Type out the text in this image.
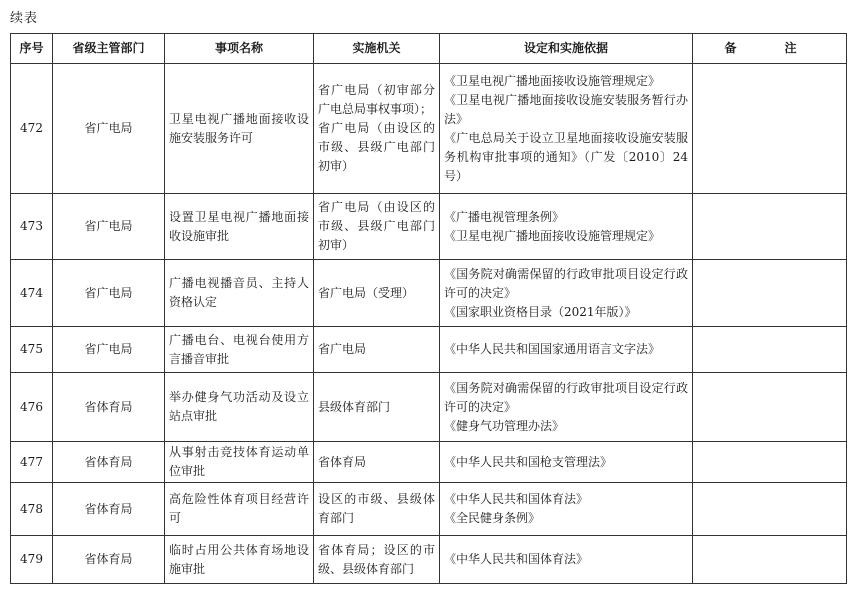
续表
序号	省级主管部门	事项名称	实施机关	设定和实施依据	备　注
472	省广电局	卫星电视广播地面接收设施安装服务许可	省广电局（初审部分广电总局事权事项）；
省广电局（由设区的市级、县级广电部门初审）	《卫星电视广播地面接收设施管理规定》
《卫星电视广播地面接收设施安装服务暂行办法》
《广电总局关于设立卫星地面接收设施安装服务机构审批事项的通知》（广发〔2010〕24号）	

473	省广电局	设置卫星电视广播地面接收设施审批	省广电局（由设区的市级、县级广电部门初审）	《广播电视管理条例》
《卫星电视广播地面接收设施管理规定》	

474	省广电局	广播电视播音员、主持人资格认定	省广电局（受理）	《国务院对确需保留的行政审批项目设定行政许可的决定》
《国家职业资格目录（2021年版）》	

475	省广电局	广播电台、电视台使用方言播音审批	省广电局	《中华人民共和国国家通用语言文字法》	

476	省体育局	举办健身气功活动及设立站点审批	县级体育部门	《国务院对确需保留的行政审批项目设定行政许可的决定》
《健身气功管理办法》	

477	省体育局	从事射击竞技体育运动单位审批	省体育局	《中华人民共和国枪支管理法》	

478	省体育局	高危险性体育项目经营许可	设区的市级、县级体育部门	《中华人民共和国体育法》
《全民健身条例》	

479	省体育局	临时占用公共体育场地设施审批	省体育局；设区的市级、县级体育部门	《中华人民共和国体育法》	
